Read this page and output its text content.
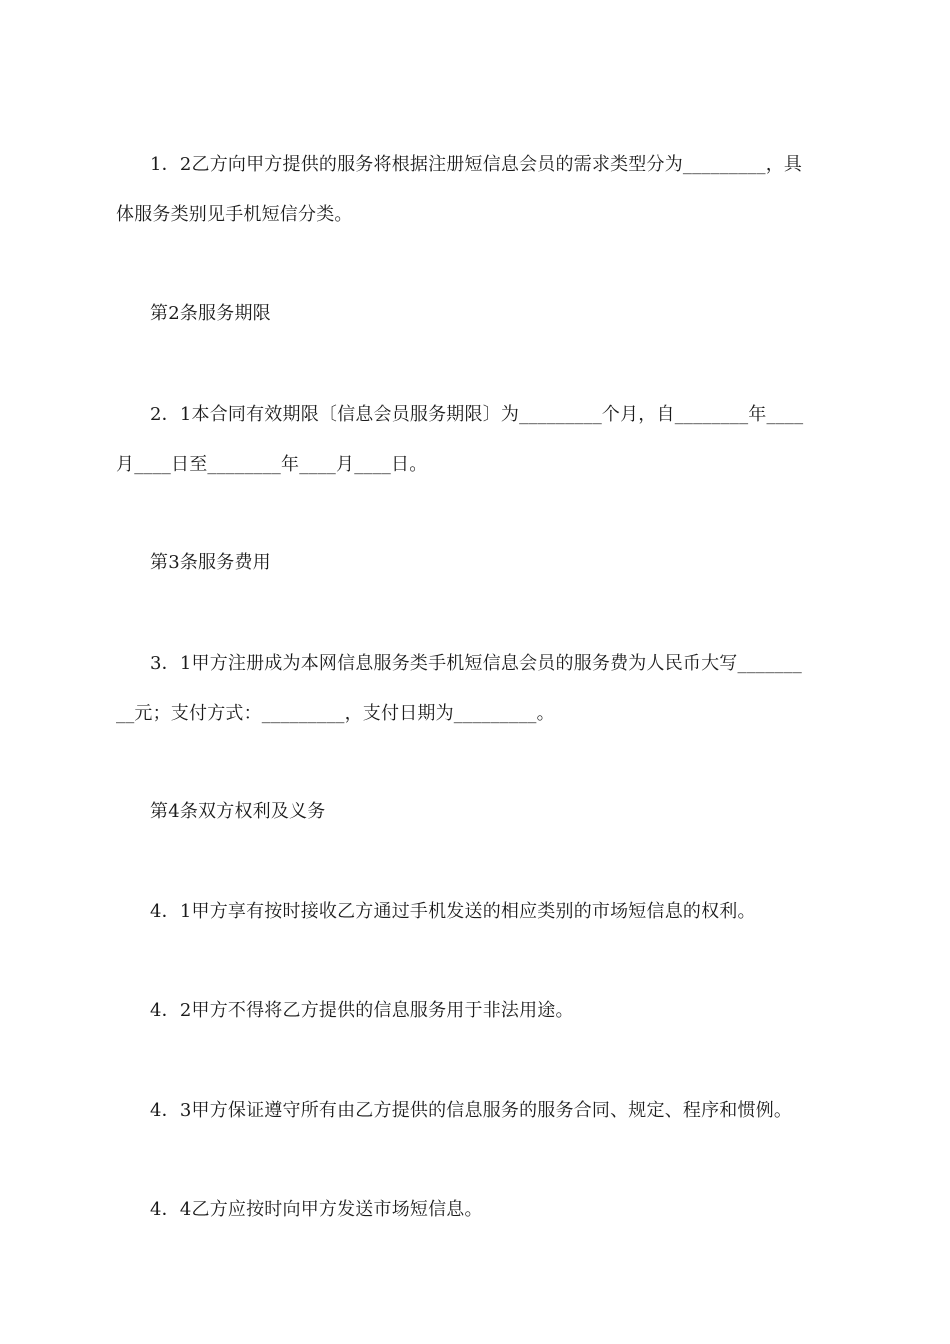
1．2乙方向甲方提供的服务将根据注册短信息会员的需求类型分为_________，具
体服务类别见手机短信分类。
第2条服务期限
2．1本合同有效期限〔信息会员服务期限〕为_________个月，自________年____
月____日至________年____月____日。
第3条服务费用
3．1甲方注册成为本网信息服务类手机短信息会员的服务费为人民币大写_______
__元；支付方式：_________，支付日期为_________。
第4条双方权利及义务
4．1甲方享有按时接收乙方通过手机发送的相应类别的市场短信息的权利。
4．2甲方不得将乙方提供的信息服务用于非法用途。
4．3甲方保证遵守所有由乙方提供的信息服务的服务合同、规定、程序和惯例。
4．4乙方应按时向甲方发送市场短信息。
